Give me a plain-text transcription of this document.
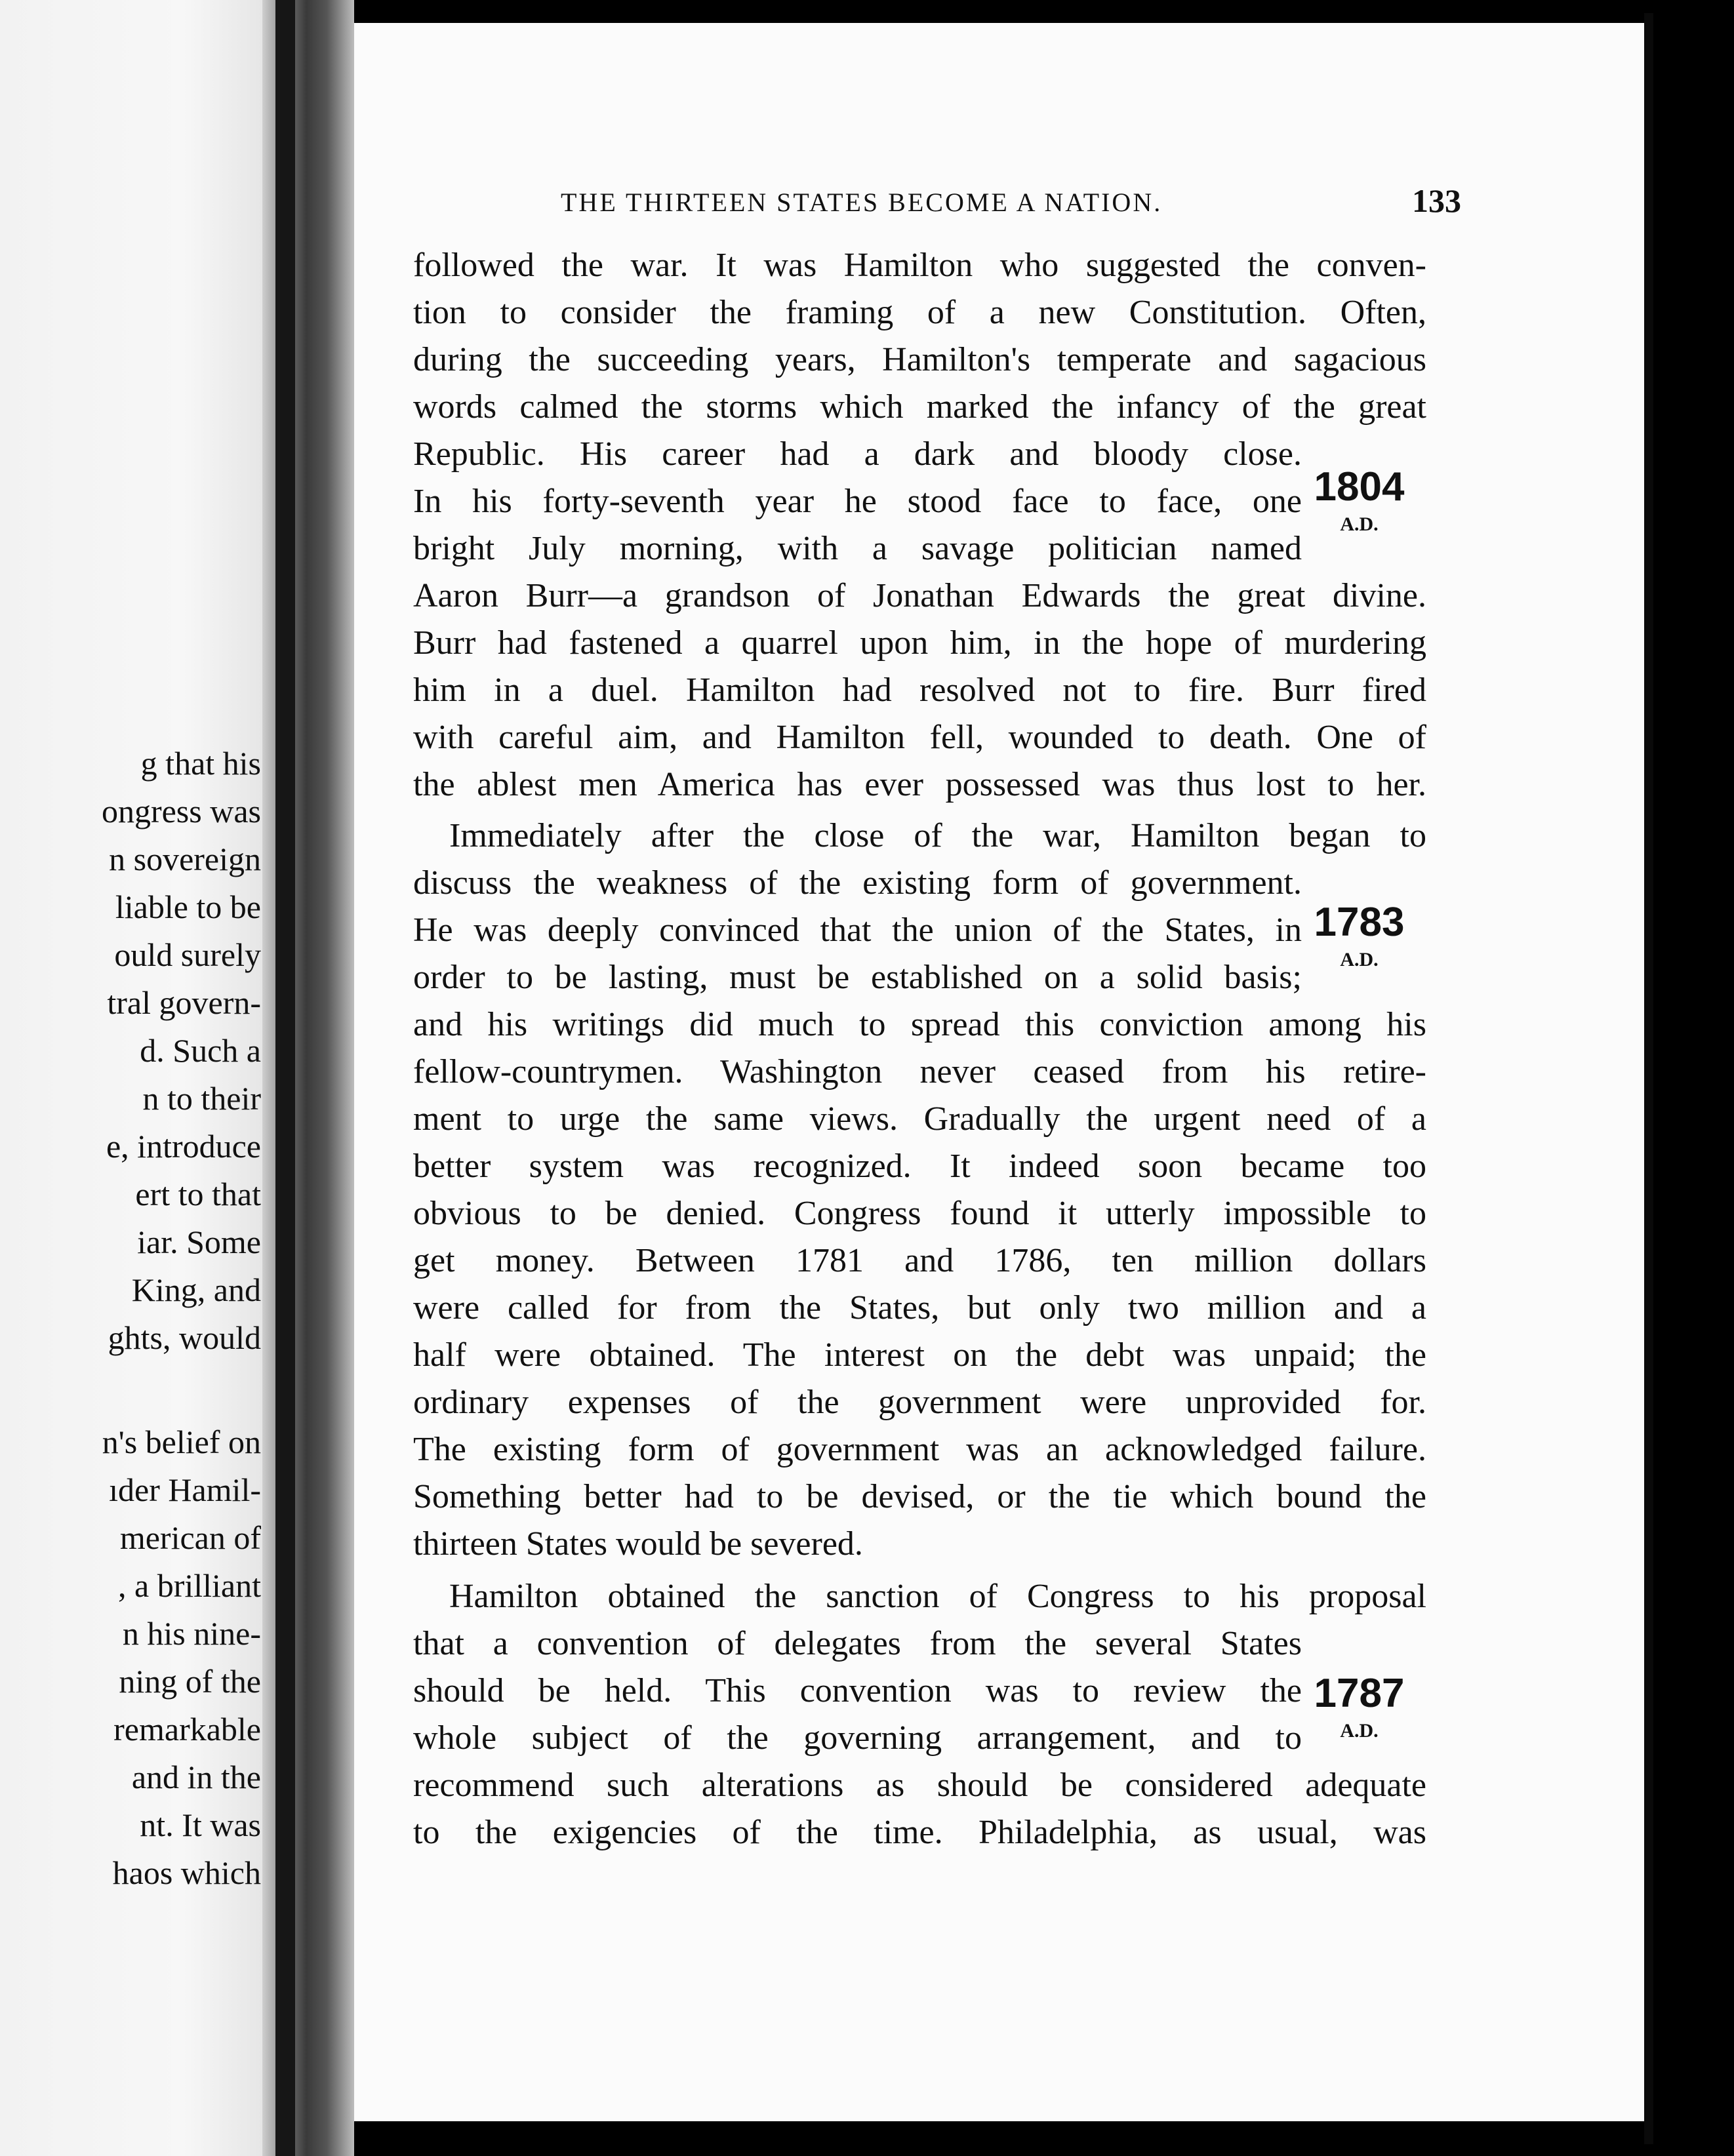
g that his
ongress was
n sovereign
liable to be
ould surely
tral govern-
d. Such a
n to their
e, introduce
ert to that
iar. Some
King, and
ghts, would
n's belief on
ıder Hamil-
merican of
, a brilliant
n his nine-
ning of the
remarkable
and in the
nt. It was
haos which
THE THIRTEEN STATES BECOME A NATION.	133
followed the war. It was Hamilton who suggested the conven-
tion to consider the framing of a new Constitution. Often,
during the succeeding years, Hamilton's temperate and sagacious
words calmed the storms which marked the infancy of the great
Republic. His career had a dark and bloody close.
In his forty-seventh year he stood face to face, one
bright July morning, with a savage politician named
Aaron Burr—a grandson of Jonathan Edwards the great divine.
Burr had fastened a quarrel upon him, in the hope of murdering
him in a duel. Hamilton had resolved not to fire. Burr fired
with careful aim, and Hamilton fell, wounded to death. One of
the ablest men America has ever possessed was thus lost to her.
Immediately after the close of the war, Hamilton began to
discuss the weakness of the existing form of government.
He was deeply convinced that the union of the States, in
order to be lasting, must be established on a solid basis;
and his writings did much to spread this conviction among his
fellow-countrymen. Washington never ceased from his retire-
ment to urge the same views. Gradually the urgent need of a
better system was recognized. It indeed soon became too
obvious to be denied. Congress found it utterly impossible to
get money. Between 1781 and 1786, ten million dollars
were called for from the States, but only two million and a
half were obtained. The interest on the debt was unpaid; the
ordinary expenses of the government were unprovided for.
The existing form of government was an acknowledged failure.
Something better had to be devised, or the tie which bound the
thirteen States would be severed.
Hamilton obtained the sanction of Congress to his proposal
that a convention of delegates from the several States
should be held. This convention was to review the
whole subject of the governing arrangement, and to
recommend such alterations as should be considered adequate
to the exigencies of the time. Philadelphia, as usual, was
1804
A.D.
1783
A.D.
1787
A.D.
